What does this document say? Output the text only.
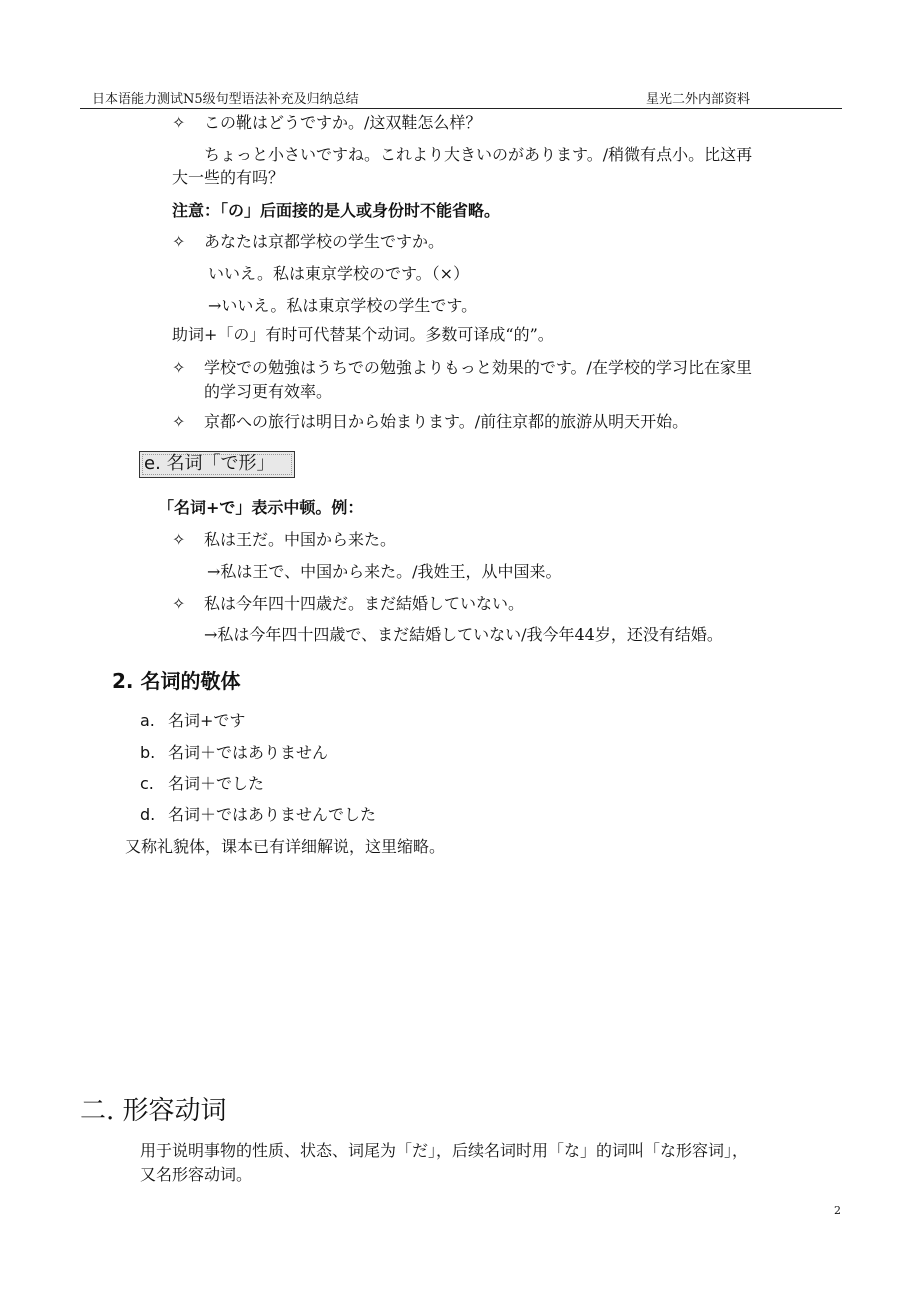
日本语能力测试N5级句型语法补充及归纳总结	星光二外内部资料
✧ この靴はどうですか。/这双鞋怎么样？
ちょっと小さいですね。これより大きいのがあります。/稍微有点小。比这再
大一些的有吗？
注意：「の」后面接的是人或身份时不能省略。
✧ あなたは京都学校の学生ですか。
いいえ。私は東京学校のです。（×）
→いいえ。私は東京学校の学生です。
助词+「の」有时可代替某个动词。多数可译成“的”。
✧ 学校での勉強はうちでの勉強よりもっと効果的です。/在学校的学习比在家里
的学习更有效率。
✧ 京都への旅行は明日から始まります。/前往京都的旅游从明天开始。
e. 名词「で形」
「名词+で」表示中顿。例：
✧ 私は王だ。中国から来た。
→私は王で、中国から来た。/我姓王，从中国来。
✧ 私は今年四十四歳だ。まだ結婚していない。
→私は今年四十四歳で、まだ結婚していない/我今年44岁，还没有结婚。
2. 名词的敬体
a. 名词+です
b. 名词＋ではありません
c. 名词＋でした
d. 名词＋ではありませんでした
又称礼貌体，课本已有详细解说，这里缩略。
二. 形容动词
用于说明事物的性质、状态、词尾为「だ」，后续名词时用「な」的词叫「な形容词」，
又名形容动词。
2
